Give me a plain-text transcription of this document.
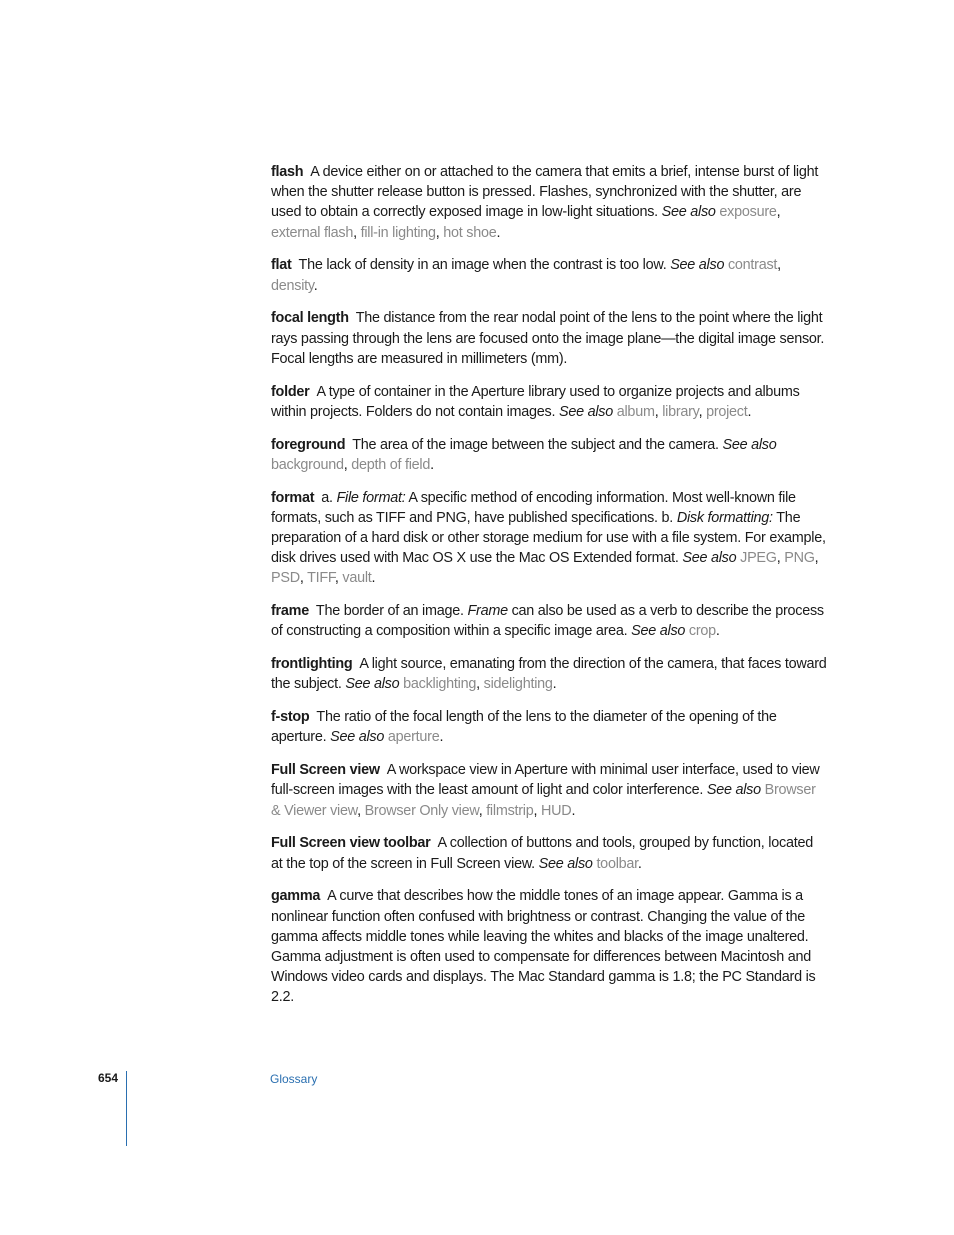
flash  A device either on or attached to the camera that emits a brief, intense burst of light when the shutter release button is pressed. Flashes, synchronized with the shutter, are used to obtain a correctly exposed image in low-light situations. See also exposure, external flash, fill-in lighting, hot shoe.

flat  The lack of density in an image when the contrast is too low. See also contrast, density.

focal length  The distance from the rear nodal point of the lens to the point where the light rays passing through the lens are focused onto the image plane—the digital image sensor. Focal lengths are measured in millimeters (mm).

folder  A type of container in the Aperture library used to organize projects and albums within projects. Folders do not contain images. See also album, library, project.

foreground  The area of the image between the subject and the camera. See also background, depth of field.

format  a. File format: A specific method of encoding information. Most well-known file formats, such as TIFF and PNG, have published specifications. b. Disk formatting: The preparation of a hard disk or other storage medium for use with a file system. For example, disk drives used with Mac OS X use the Mac OS Extended format. See also JPEG, PNG, PSD, TIFF, vault.

frame  The border of an image. Frame can also be used as a verb to describe the process of constructing a composition within a specific image area. See also crop.

frontlighting  A light source, emanating from the direction of the camera, that faces toward the subject. See also backlighting, sidelighting.

f-stop  The ratio of the focal length of the lens to the diameter of the opening of the aperture. See also aperture.

Full Screen view  A workspace view in Aperture with minimal user interface, used to view full-screen images with the least amount of light and color interference. See also Browser & Viewer view, Browser Only view, filmstrip, HUD.

Full Screen view toolbar  A collection of buttons and tools, grouped by function, located at the top of the screen in Full Screen view. See also toolbar.

gamma  A curve that describes how the middle tones of an image appear. Gamma is a nonlinear function often confused with brightness or contrast. Changing the value of the gamma affects middle tones while leaving the whites and blacks of the image unaltered. Gamma adjustment is often used to compensate for differences between Macintosh and Windows video cards and displays. The Mac Standard gamma is 1.8; the PC Standard is 2.2.

654	Glossary
